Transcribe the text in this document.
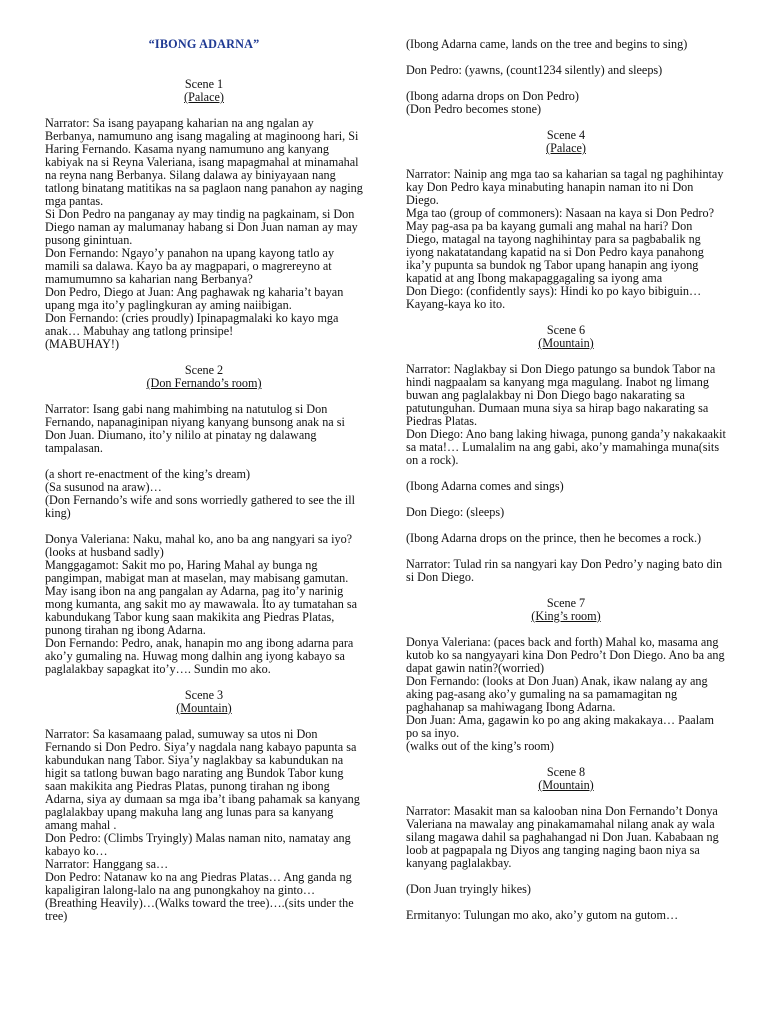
“IBONG ADARNA”
Scene 1
(Palace)

Narrator: Sa isang payapang kaharian na ang ngalan ay Berbanya, namumuno ang isang magaling at maginoong hari, Si Haring Fernando. Kasama nyang namumuno ang kanyang kabiyak na si Reyna Valeriana, isang mapagmahal at minamahal na reyna nang Berbanya. Silang dalawa ay biniyayaan nang tatlong binatang matitikas na sa paglaon nang panahon ay naging mga pantas.

Si Don Pedro na panganay ay may tindig na pagkainam, si Don Diego naman ay malumanay habang si Don Juan naman ay may pusong ginintuan.

Don Fernando: Ngayo’y panahon na upang kayong tatlo ay mamili sa dalawa. Kayo ba ay magpapari, o magrereyno at mamumumno sa kaharian nang Berbanya?

Don Pedro, Diego at Juan: Ang paghawak ng kaharia’t bayan upang mga ito’y paglingkuran ay aming naiibigan.

Don Fernando: (cries proudly) Ipinapagmalaki ko kayo mga anak… Mabuhay ang tatlong prinsipe!

(MABUHAY!)

Scene 2
(Don Fernando’s room)

Narrator: Isang gabi nang mahimbing na natutulog si Don Fernando, napanaginipan niyang kanyang bunsong anak na si Don Juan. Diumano, ito’y nililo at pinatay ng dalawang tampalasan.

(a short re-enactment of the king’s dream)

(Sa susunod na araw)…

(Don Fernando’s wife and sons worriedly gathered to see the ill king)

Donya Valeriana: Naku, mahal ko, ano ba ang nangyari sa iyo?(looks at husband sadly)

Manggagamot: Sakit mo po, Haring Mahal ay bunga ng pangimpan, mabigat man at maselan, may mabisang gamutan. May isang ibon na ang pangalan ay Adarna, pag ito’y narinig mong kumanta, ang sakit mo ay mawawala. Ito ay tumatahan sa kabundukang Tabor kung saan makikita ang Piedras Platas, punong tirahan ng ibong Adarna.

Don Fernando: Pedro, anak, hanapin mo ang ibong adarna para ako’y gumaling na. Huwag mong dalhin ang iyong kabayo sa paglalakbay sapagkat ito’y…. Sundin mo ako.

Scene 3
(Mountain)

Narrator: Sa kasamaang palad, sumuway sa utos ni Don Fernando si Don Pedro. Siya’y nagdala nang kabayo papunta sa kabundukan nang Tabor. Siya’y naglakbay sa kabundukan na higit sa tatlong buwan bago narating ang Bundok Tabor kung saan makikita ang Piedras Platas, punong tirahan ng ibong Adarna, siya ay dumaan sa mga iba’t ibang pahamak sa kanyang paglalakbay upang makuha lang ang lunas para sa kanyang amang mahal .

Don Pedro: (Climbs Tryingly) Malas naman nito, namatay ang kabayo ko…

Narrator: Hanggang sa…

Don Pedro: Natanaw ko na ang Piedras Platas… Ang ganda ng kapaligiran lalong-lalo na ang punongkahoy na ginto…(Breathing Heavily)…(Walks toward the tree)….(sits under the tree)

(Ibong Adarna came, lands on the tree and begins to sing)

Don Pedro: (yawns, (count1234 silently) and sleeps)

(Ibong adarna drops on Don Pedro)

(Don Pedro becomes stone)

Scene 4
(Palace)

Narrator: Nainip ang mga tao sa kaharian sa tagal ng paghihintay kay Don Pedro kaya minabuting hanapin naman ito ni Don Diego.

Mga tao (group of commoners): Nasaan na kaya si Don Pedro? May pag-asa pa ba kayang gumali ang mahal na hari? Don Diego, matagal na tayong naghihintay para sa pagbabalik ng iyong nakatatandang kapatid na si Don Pedro kaya panahong ika’y pupunta sa bundok ng Tabor upang hanapin ang iyong kapatid at ang Ibong makapaggagaling sa iyong ama

Don Diego: (confidently says): Hindi ko po kayo bibiguin… Kayang-kaya ko ito.

Scene 6
(Mountain)

Narrator: Naglakbay si Don Diego patungo sa bundok Tabor na hindi nagpaalam sa kanyang mga magulang. Inabot ng limang buwan ang paglalakbay ni Don Diego bago nakarating sa patutunguhan. Dumaan muna siya sa hirap bago nakarating sa Piedras Platas.

Don Diego: Ano bang laking hiwaga, punong ganda’y nakakaakit sa mata!… Lumalalim na ang gabi, ako’y mamahinga muna(sits on a rock).

(Ibong Adarna comes and sings)

Don Diego: (sleeps)

(Ibong Adarna drops on the prince, then he becomes a rock.)

Narrator: Tulad rin sa nangyari kay Don Pedro’y naging bato din si Don Diego.

Scene 7
(King’s room)

Donya Valeriana: (paces back and forth) Mahal ko, masama ang kutob ko sa nangyayari kina Don Pedro’t Don Diego. Ano ba ang dapat gawin natin?(worried)

Don Fernando: (looks at Don Juan) Anak, ikaw nalang ay ang aking pag-asang ako’y gumaling na sa pamamagitan ng paghahanap sa mahiwagang Ibong Adarna.

Don Juan: Ama, gagawin ko po ang aking makakaya… Paalam po sa inyo.

(walks out of the king’s room)

Scene 8
(Mountain)

Narrator: Masakit man sa kalooban nina Don Fernando’t Donya Valeriana na mawalay ang pinakamamahal nilang anak ay wala silang magawa dahil sa paghahangad ni Don Juan. Kababaan ng loob at pagpapala ng Diyos ang tanging naging baon niya sa kanyang paglalakbay.

(Don Juan tryingly hikes)

Ermitanyo: Tulungan mo ako, ako’y gutom na gutom…
